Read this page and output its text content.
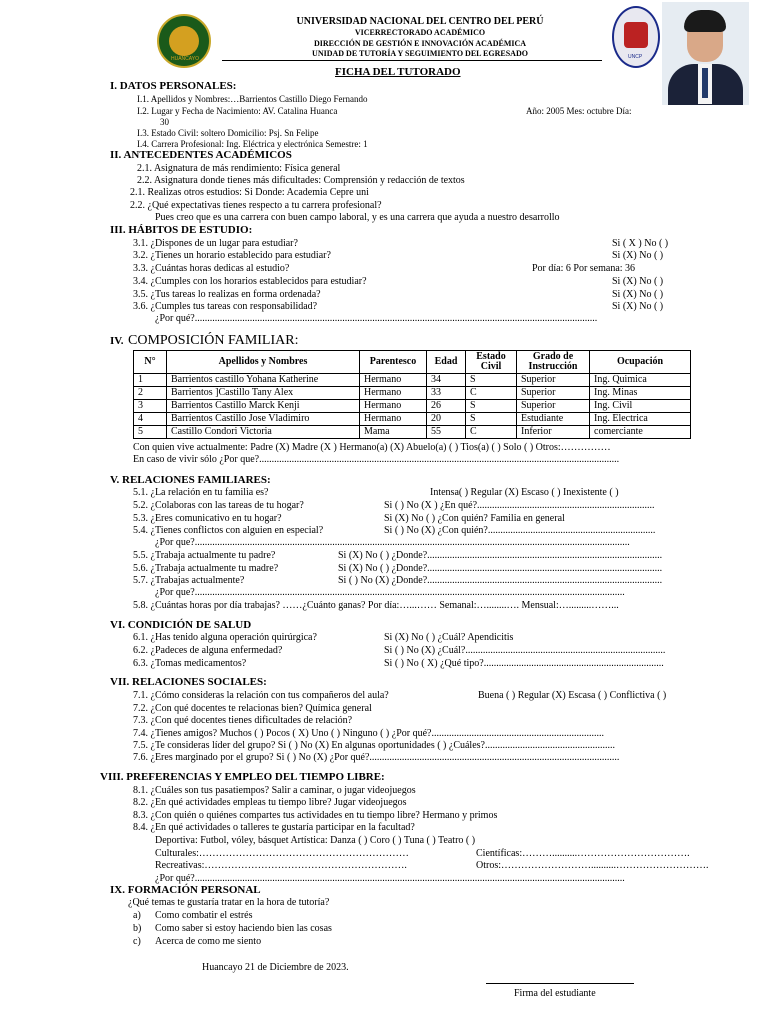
HUANCAYO	UNCP
UNIVERSIDAD NACIONAL DEL CENTRO DEL PERÚ
VICERRECTORADO ACADÉMICO
DIRECCIÓN DE GESTIÓN E INNOVACIÓN ACADÉMICA
UNIDAD DE TUTORÍA Y SEGUIMIENTO DEL EGRESADO
FICHA DEL TUTORADO
I. DATOS PERSONALES:
I.1. Apellidos y Nombres:…Barrientos Castillo Diego Fernando
I.2. Lugar y Fecha de Nacimiento: AV. Catalina Huanca	Año: 2005 Mes: octubre Día:
30
I.3. Estado Civil: soltero Domicilio: Psj. Sn Felipe
I.4. Carrera Profesional: Ing. Eléctrica y electrónica Semestre: 1
II. ANTECEDENTES ACADÉMICOS
2.1. Asignatura de más rendimiento: Física general
2.2. Asignatura donde tienes más dificultades: Comprensión y redacción de textos
2.1. Realizas otros estudios: Si Donde: Academia Cepre uni
2.2. ¿Qué expectativas tienes respecto a tu carrera profesional?
Pues creo que es una carrera con buen campo laboral, y es una carrera que ayuda a nuestro desarrollo
III. HÁBITOS DE ESTUDIO:
3.1. ¿Dispones de un lugar para estudiar?	Si ( X ) No ( )
3.2. ¿Tienes un horario establecido para estudiar?	Si (X) No ( )
3.3. ¿Cuántas horas dedicas al estudio?	Por día: 6 Por semana: 36
3.4. ¿Cumples con los horarios establecidos para estudiar?	Si (X) No ( )
3.5. ¿Tus tareas lo realizas en forma ordenada?	Si (X) No ( )
3.6. ¿Cumples tus tareas con responsabilidad?	Si (X) No ( )
¿Por qué?.................................................................................................................................................................
IV. COMPOSICIÓN FAMILIAR:
N°	Apellidos y Nombres	Parentesco	Edad	Estado Civil	Grado de Instrucción	Ocupación
1	Barrientos castillo Yohana Katherine	Hermano	34	S	Superior	Ing. Quimica
2	Barrientos ]Castillo Tany Alex	Hermano	33	C	Superior	Ing. Minas
3	Barrientos Castillo Marck Kenji	Hermano	26	S	Superior	Ing. Civil
4	Barrientos Castillo Jose Vladimiro	Hermano	20	S	Estudiante	Ing. Electrica
5	Castillo Condori Victoria	Mama	55	C	Inferior	comerciante
Con quien vive actualmente: Padre (X) Madre (X ) Hermano(a) (X) Abuelo(a) ( ) Tios(a) ( ) Solo ( ) Otros:……………
En caso de vivir sólo ¿Por que?................................................................................................................................................
V. RELACIONES FAMILIARES:
5.1. ¿La relación en tu familia es?	Intensa( ) Regular (X) Escaso ( ) Inexistente ( )
5.2. ¿Colaboras con las tareas de tu hogar?	Si ( ) No (X ) ¿En qué?.......................................................................
5.3. ¿Eres comunicativo en tu hogar?	Si (X) No ( ) ¿Con quién? Familia en general
5.4. ¿Tienes conflictos con alguien en especial?	Si ( ) No (X) ¿Con quién?...................................................................
¿Por que?..............................................................................................................................................................................
5.5. ¿Trabaja actualmente tu padre?	Si (X) No ( ) ¿Donde?..............................................................................................
5.6. ¿Trabaja actualmente tu madre?	Si (X) No ( ) ¿Donde?..............................................................................................
5.7. ¿Trabajas actualmente?	Si ( ) No (X) ¿Donde?..............................................................................................
¿Por que?............................................................................................................................................................................
5.8. ¿Cuántas horas por día trabajas? ……¿Cuánto ganas? Por día:…...…… Semanal:…........…. Mensual:….........……...
VI. CONDICIÓN DE SALUD
6.1. ¿Has tenido alguna operación quirúrgica?	Si (X) No ( ) ¿Cuál? Apendicitis
6.2. ¿Padeces de alguna enfermedad?	Si ( ) No (X) ¿Cuál?................................................................................
6.3. ¿Tomas medicamentos?	Si ( ) No ( X) ¿Qué tipo?........................................................................
VII. RELACIONES SOCIALES:
7.1. ¿Cómo consideras la relación con tus compañeros del aula?	Buena ( ) Regular (X) Escasa ( ) Conflictiva ( )
7.2. ¿Con qué docentes te relacionas bien? Química general
7.3. ¿Con qué docentes tienes dificultades de relación?
7.4. ¿Tienes amigos? Muchos ( ) Pocos ( X) Uno ( ) Ninguno ( ) ¿Por qué?.....................................................................
7.5. ¿Te consideras líder del grupo? Si ( ) No (X) En algunas oportunidades ( ) ¿Cuáles?....................................................
7.6. ¿Eres marginado por el grupo? Si ( ) No (X) ¿Por qué?....................................................................................................
VIII. PREFERENCIAS Y EMPLEO DEL TIEMPO LIBRE:
8.1. ¿Cuáles son tus pasatiempos? Salir a caminar, o jugar videojuegos
8.2. ¿En qué actividades empleas tu tiempo libre? Jugar videojuegos
8.3. ¿Con quién o quiénes compartes tus actividades en tu tiempo libre? Hermano y primos
8.4. ¿En qué actividades o talleres te gustaría participar en la facultad?
Deportiva: Futbol, vóley, básquet Artística: Danza ( ) Coro ( ) Tuna ( ) Teatro ( )
Culturales:………………………………………………………	Científicas:………..........…………………………….
Recreativas:…………………………………………………….	Otros:………………………..........……………………….
¿Por qué?............................................................................................................................................................................
IX. FORMACIÓN PERSONAL
¿Qué temas te gustaría tratar en la hora de tutoría?
a) Como combatir el estrés
b) Como saber si estoy haciendo bien las cosas
c) Acerca de como me siento
Huancayo 21 de Diciembre de 2023.
Firma del estudiante
